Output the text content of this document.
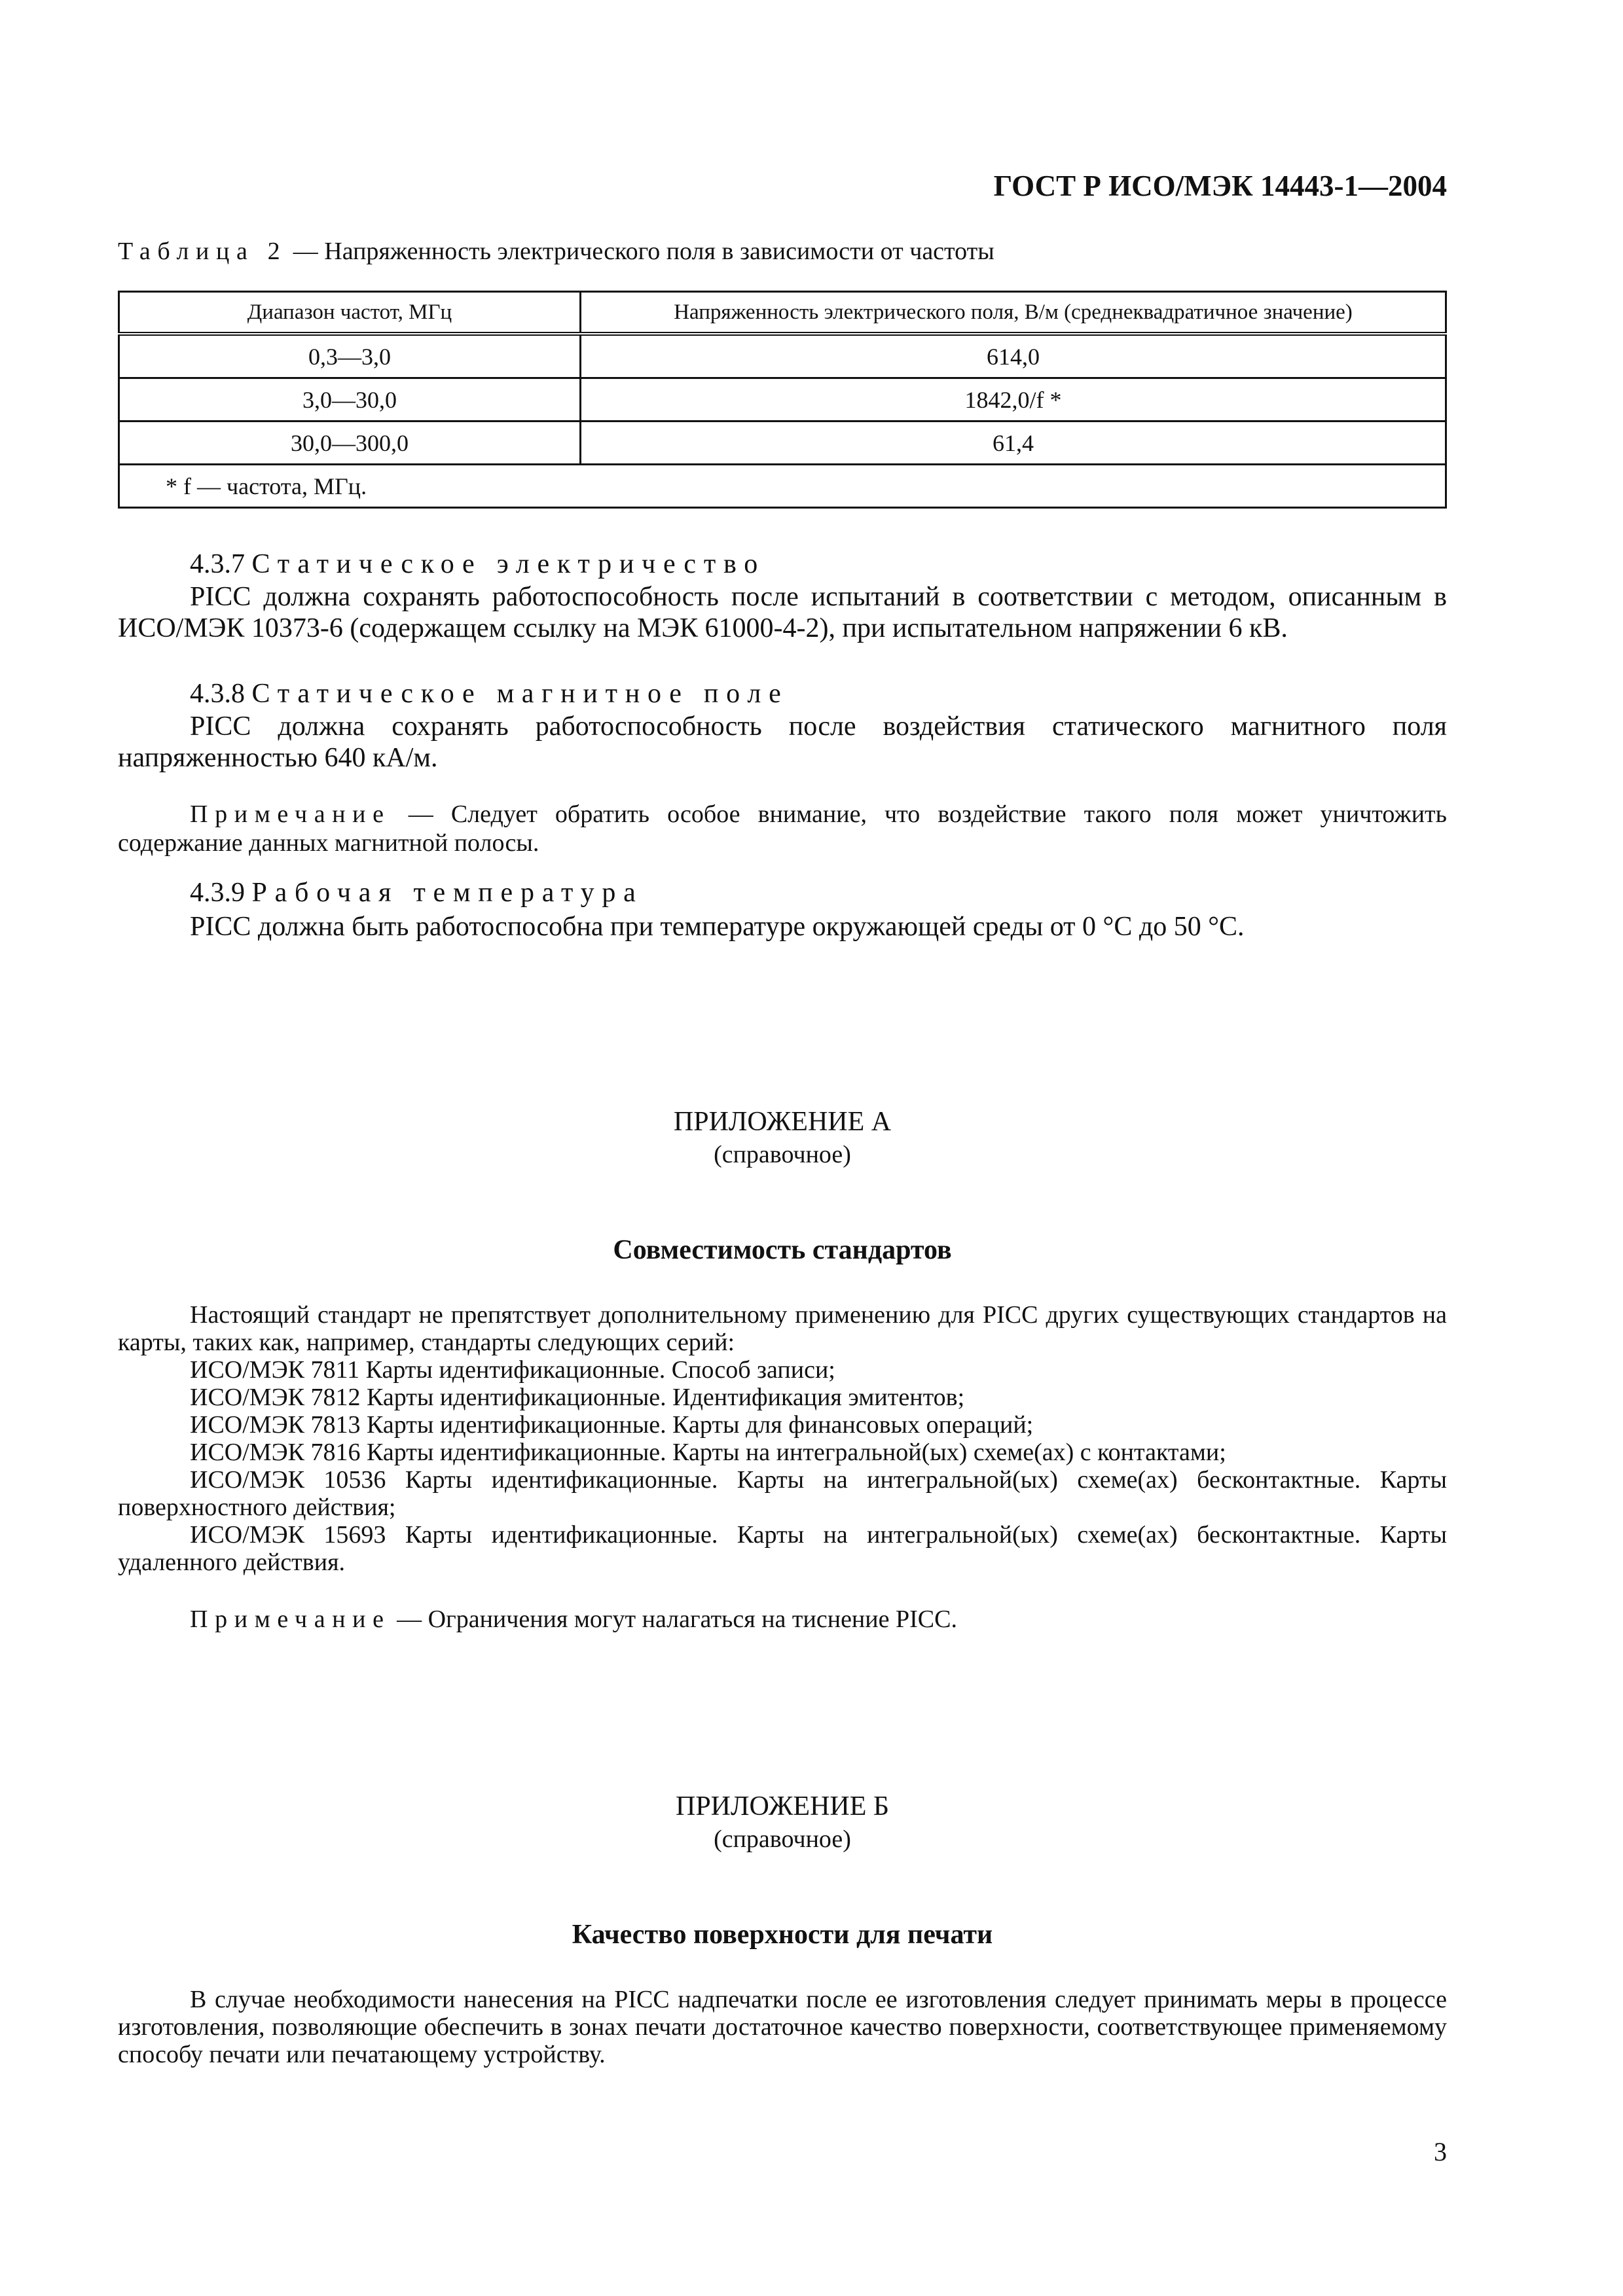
ГОСТ Р ИСО/МЭК 14443-1—2004
Таблица 2 — Напряженность электрического поля в зависимости от частоты
Диапазон частот, МГц	Напряженность электрического поля, В/м (среднеквадратичное значение)
0,3—3,0	614,0
3,0—30,0	1842,0/f *
30,0—300,0	61,4
* f — частота, МГц.	
4.3.7 Статическое электричество
PICC должна сохранять работоспособность после испытаний в соответствии с методом, описанным в ИСО/МЭК 10373-6 (содержащем ссылку на МЭК 61000-4-2), при испытательном напряжении 6 кВ.
4.3.8 Статическое магнитное поле
PICC должна сохранять работоспособность после воздействия статического магнитного поля напряженностью 640 кА/м.
Примечание — Следует обратить особое внимание, что воздействие такого поля может уничтожить содержание данных магнитной полосы.
4.3.9 Рабочая температура
PICC должна быть работоспособна при температуре окружающей среды от 0 °С до 50 °С.
ПРИЛОЖЕНИЕ А
(справочное)
Совместимость стандартов
Настоящий стандарт не препятствует дополнительному применению для PICC других существующих стандартов на карты, таких как, например, стандарты следующих серий:
ИСО/МЭК 7811 Карты идентификационные. Способ записи;
ИСО/МЭК 7812 Карты идентификационные. Идентификация эмитентов;
ИСО/МЭК 7813 Карты идентификационные. Карты для финансовых операций;
ИСО/МЭК 7816 Карты идентификационные. Карты на интегральной(ых) схеме(ах) с контактами;
ИСО/МЭК 10536 Карты идентификационные. Карты на интегральной(ых) схеме(ах) бесконтактные. Карты поверхностного действия;
ИСО/МЭК 15693 Карты идентификационные. Карты на интегральной(ых) схеме(ах) бесконтактные. Карты удаленного действия.
Примечание — Ограничения могут налагаться на тиснение PICC.
ПРИЛОЖЕНИЕ Б
(справочное)
Качество поверхности для печати
В случае необходимости нанесения на PICC надпечатки после ее изготовления следует принимать меры в процессе изготовления, позволяющие обеспечить в зонах печати достаточное качество поверхности, соответствующее применяемому способу печати или печатающему устройству.
3
